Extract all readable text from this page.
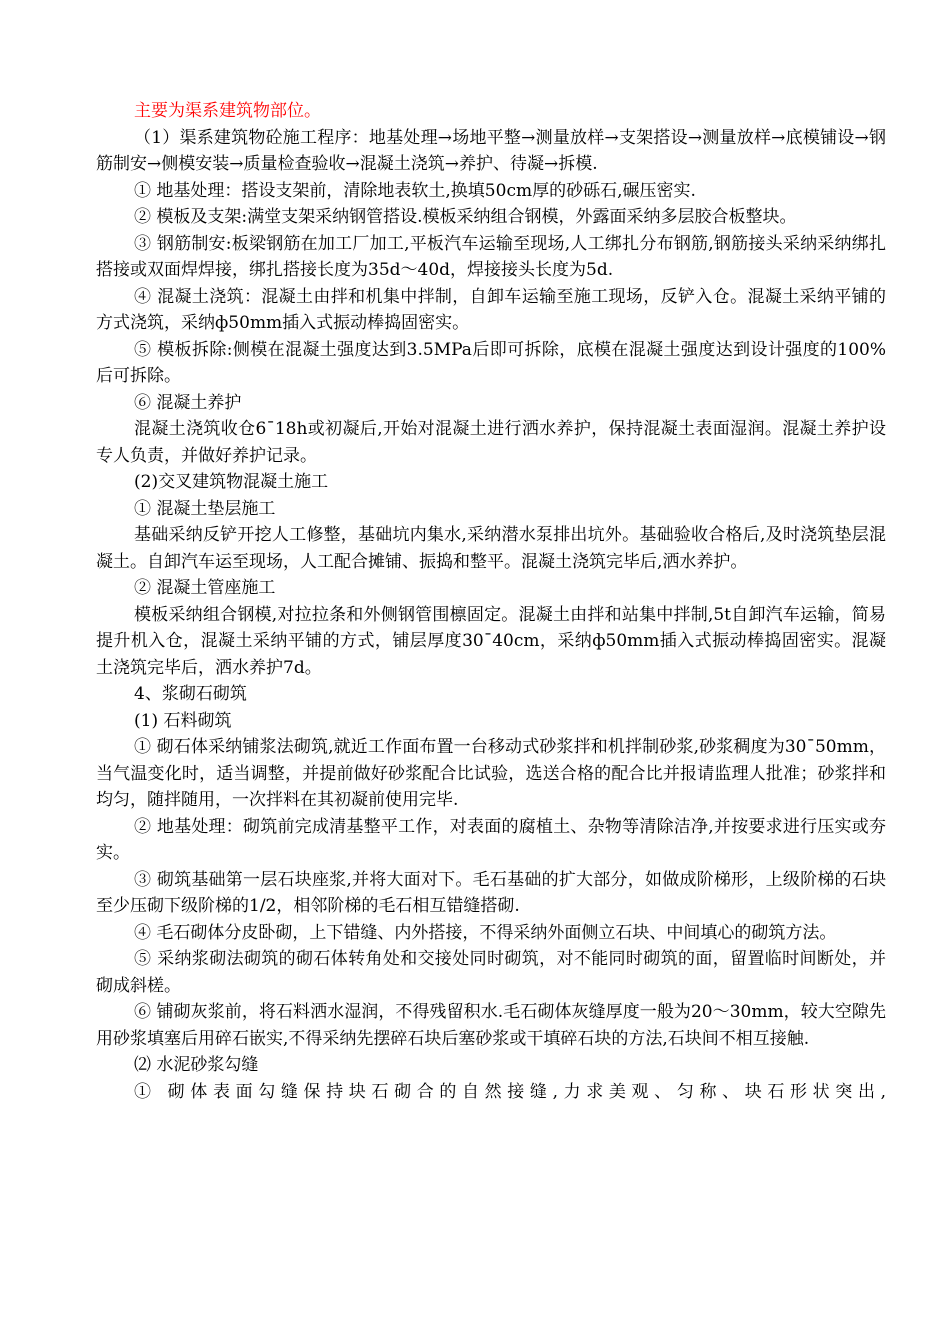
主要为渠系建筑物部位。

（1）渠系建筑物砼施工程序：地基处理→场地平整→测量放样→支架搭设→测量放样→底模铺设→钢筋制安→侧模安装→质量检查验收→混凝土浇筑→养护、待凝→拆模.

① 地基处理：搭设支架前，清除地表软土,换填50cm厚的砂砾石,碾压密实.

② 模板及支架:满堂支架采纳钢管搭设.模板采纳组合钢模，外露面采纳多层胶合板整块。

③ 钢筋制安:板梁钢筋在加工厂加工,平板汽车运输至现场,人工绑扎分布钢筋,钢筋接头采纳采纳绑扎搭接或双面焊焊接，绑扎搭接长度为35d～40d，焊接接头长度为5d.

④ 混凝土浇筑：混凝土由拌和机集中拌制，自卸车运输至施工现场，反铲入仓。混凝土采纳平铺的方式浇筑，采纳ф50mm插入式振动棒捣固密实。

⑤ 模板拆除:侧模在混凝土强度达到3.5MPa后即可拆除，底模在混凝土强度达到设计强度的100%后可拆除。

⑥ 混凝土养护

混凝土浇筑收仓6¯18h或初凝后,开始对混凝土进行洒水养护，保持混凝土表面湿润。混凝土养护设专人负责，并做好养护记录。

(2)交叉建筑物混凝土施工

① 混凝土垫层施工

基础采纳反铲开挖人工修整，基础坑内集水,采纳潜水泵排出坑外。基础验收合格后,及时浇筑垫层混凝土。自卸汽车运至现场，人工配合摊铺、振捣和整平。混凝土浇筑完毕后,洒水养护。

② 混凝土管座施工

模板采纳组合钢模,对拉拉条和外侧钢管围檩固定。混凝土由拌和站集中拌制,5t自卸汽车运输，简易提升机入仓，混凝土采纳平铺的方式，铺层厚度30¯40cm，采纳ф50mm插入式振动棒捣固密实。混凝土浇筑完毕后，洒水养护7d。

4、浆砌石砌筑

(1) 石料砌筑

① 砌石体采纳铺浆法砌筑,就近工作面布置一台移动式砂浆拌和机拌制砂浆,砂浆稠度为30¯50mm，当气温变化时，适当调整，并提前做好砂浆配合比试验，选送合格的配合比并报请监理人批准；砂浆拌和均匀，随拌随用，一次拌料在其初凝前使用完毕.

② 地基处理：砌筑前完成清基整平工作，对表面的腐植土、杂物等清除洁净,并按要求进行压实或夯实。

③ 砌筑基础第一层石块座浆,并将大面对下。毛石基础的扩大部分，如做成阶梯形，上级阶梯的石块至少压砌下级阶梯的1/2，相邻阶梯的毛石相互错缝搭砌.

④ 毛石砌体分皮卧砌，上下错缝、内外搭接，不得采纳外面侧立石块、中间填心的砌筑方法。

⑤ 采纳浆砌法砌筑的砌石体转角处和交接处同时砌筑，对不能同时砌筑的面，留置临时间断处，并砌成斜槎。

⑥ 铺砌灰浆前，将石料洒水湿润，不得残留积水.毛石砌体灰缝厚度一般为20～30mm，较大空隙先用砂浆填塞后用碎石嵌实,不得采纳先摆碎石块后塞砂浆或干填碎石块的方法,石块间不相互接触.

⑵ 水泥砂浆勾缝

① 砌体表面勾缝保持块石砌合的自然接缝,力求美观、匀称、块石形状突出,
